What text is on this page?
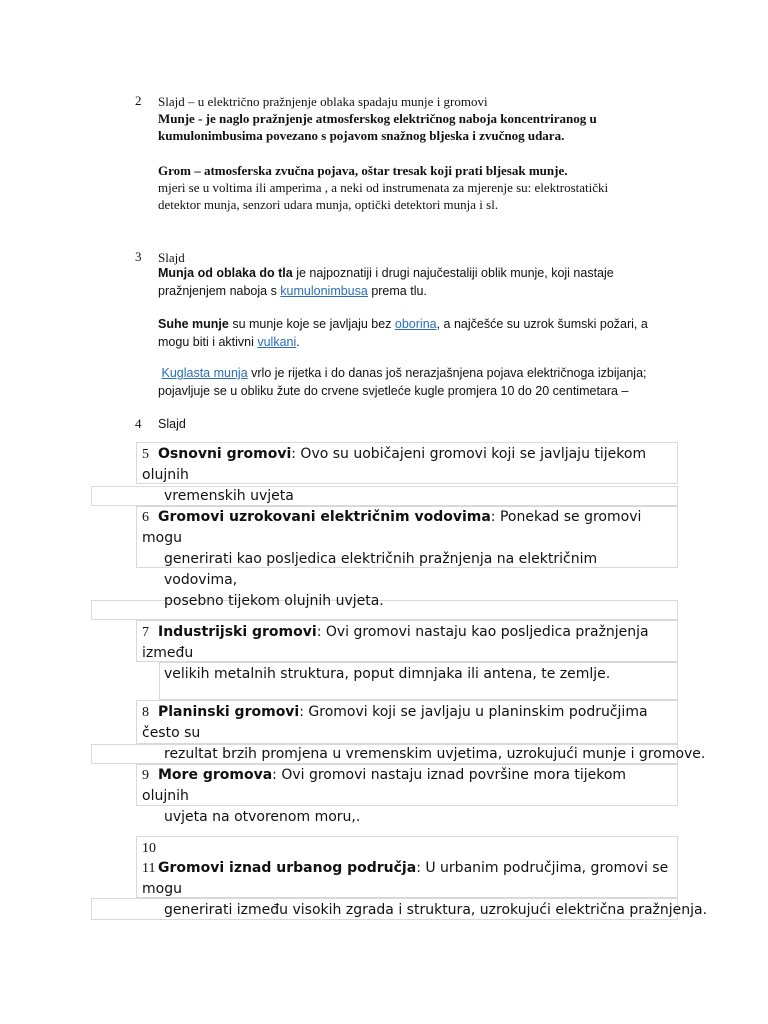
2 Slajd – u električno pražnjenje oblaka spadaju munje i gromovi
Munje - je naglo pražnjenje atmosferskog električnog naboja koncentriranog u
kumulonimbusima povezano s pojavom snažnog bljeska i zvučnog udara.
Grom – atmosferska zvučna pojava, oštar tresak koji prati bljesak munje.
mjeri se u voltima ili amperima , a neki od instrumenata za mjerenje su: elektrostatički
detektor munja, senzori udara munja, optički detektori munja i sl.
3 Slajd
Munja od oblaka do tla je najpoznatiji i drugi najučestaliji oblik munje, koji nastaje
pražnjenjem naboja s kumulonimbusa prema tlu.
Suhe munje su munje koje se javljaju bez oborina, a najčešće su uzrok šumski požari, a
mogu biti i aktivni vulkani.
Kuglasta munja vrlo je rijetka i do danas još nerazjašnjena pojava električnoga izbijanja;
pojavljuje se u obliku žute do crvene svjetleće kugle promjera 10 do 20 centimetara –
4 Slajd
5 Osnovni gromovi: Ovo su uobičajeni gromovi koji se javljaju tijekom olujnih
vremenskih uvjeta
6 Gromovi uzrokovani električnim vodovima: Ponekad se gromovi mogu
generirati kao posljedica električnih pražnjenja na električnim vodovima,
posebno tijekom olujnih uvjeta.
7 Industrijski gromovi: Ovi gromovi nastaju kao posljedica pražnjenja između
velikih metalnih struktura, poput dimnjaka ili antena, te zemlje.
8 Planinski gromovi: Gromovi koji se javljaju u planinskim područjima često su
rezultat brzih promjena u vremenskim uvjetima, uzrokujući munje i gromove.
9 More gromova: Ovi gromovi nastaju iznad površine mora tijekom olujnih
uvjeta na otvorenom moru,.
10
11 Gromovi iznad urbanog područja: U urbanim područjima, gromovi se mogu
generirati između visokih zgrada i struktura, uzrokujući električna pražnjenja.
